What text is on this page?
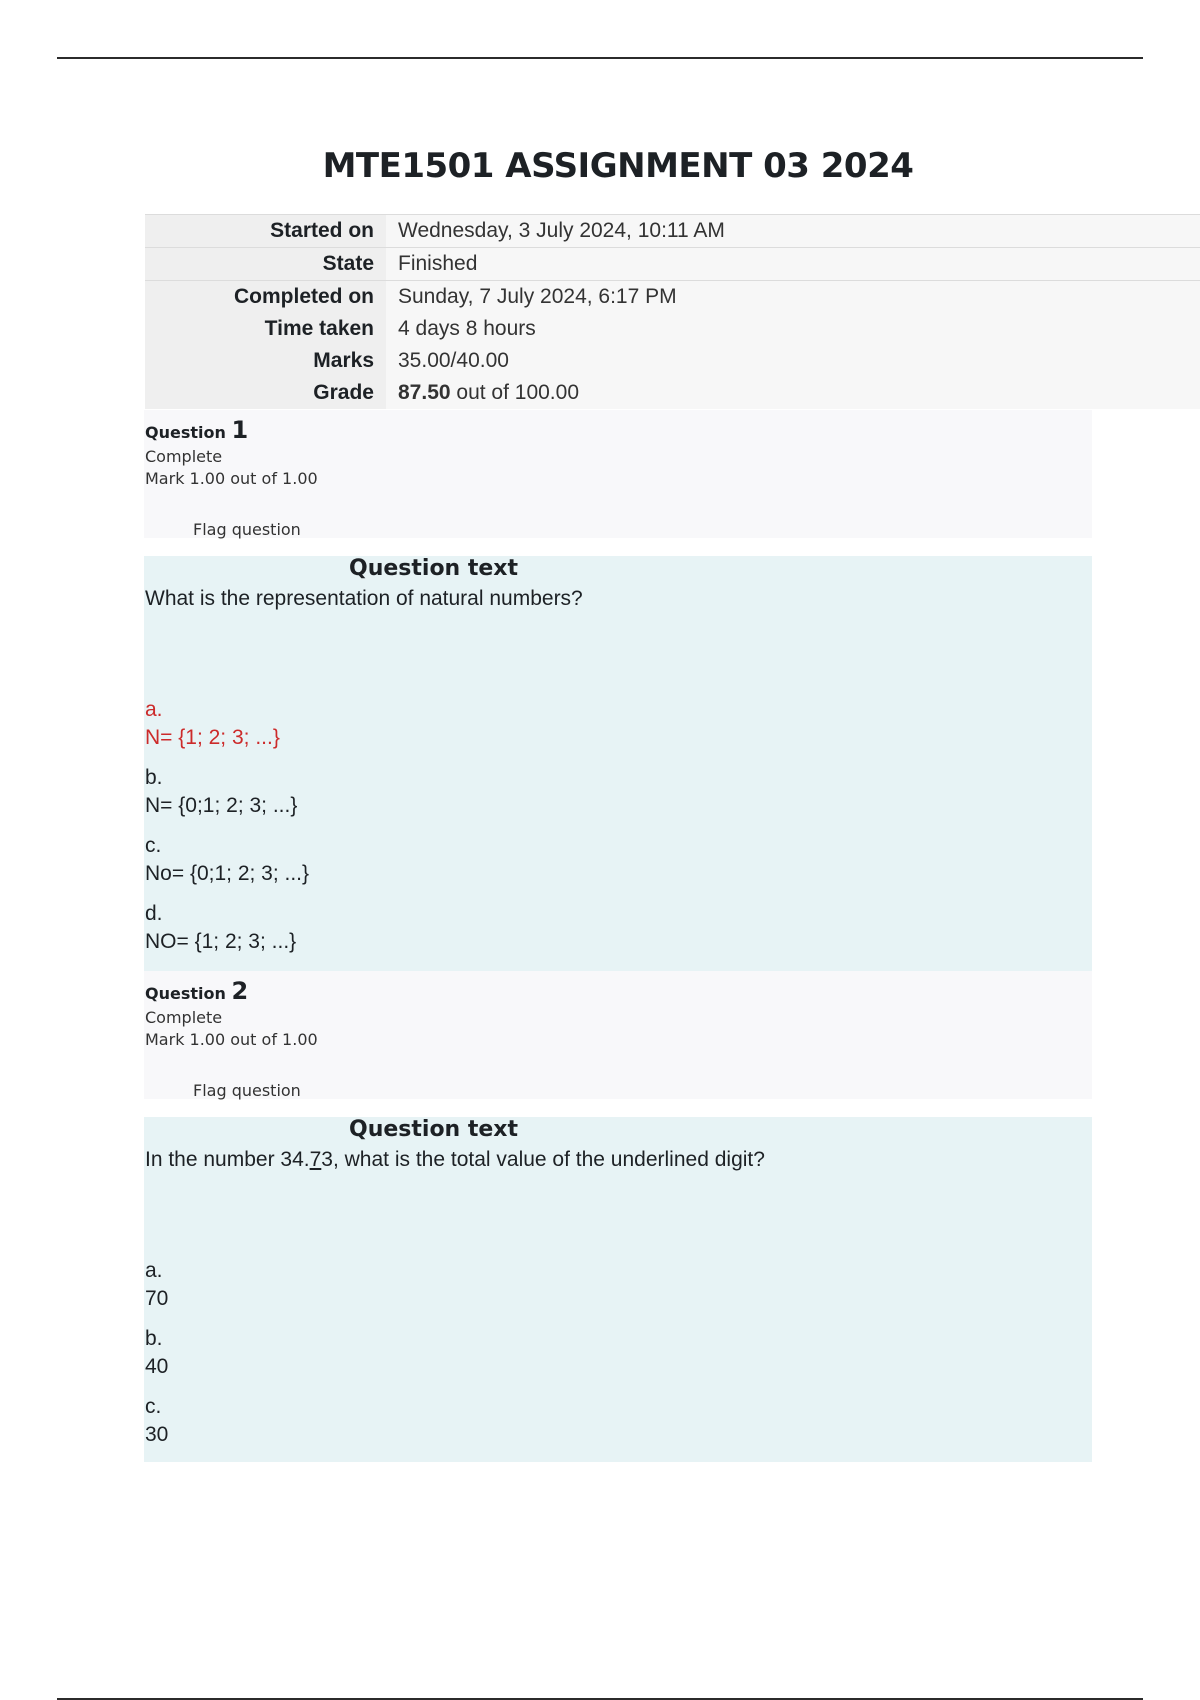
MTE1501 ASSIGNMENT 03 2024
Started on	Wednesday, 3 July 2024, 10:11 AM
State	Finished
Completed on	Sunday, 7 July 2024, 6:17 PM
Time taken	4 days 8 hours
Marks	35.00/40.00
Grade	87.50 out of 100.00
Question 1
Complete
Mark 1.00 out of 1.00
Flag question
Question text
What is the representation of natural numbers?
a.
N= {1; 2; 3; ...}
b.
N= {0;1; 2; 3; ...}
c.
No= {0;1; 2; 3; ...}
d.
NO= {1; 2; 3; ...}
Question 2
Complete
Mark 1.00 out of 1.00
Flag question
Question text
In the number 34.73, what is the total value of the underlined digit?
a.
70
b.
40
c.
30
